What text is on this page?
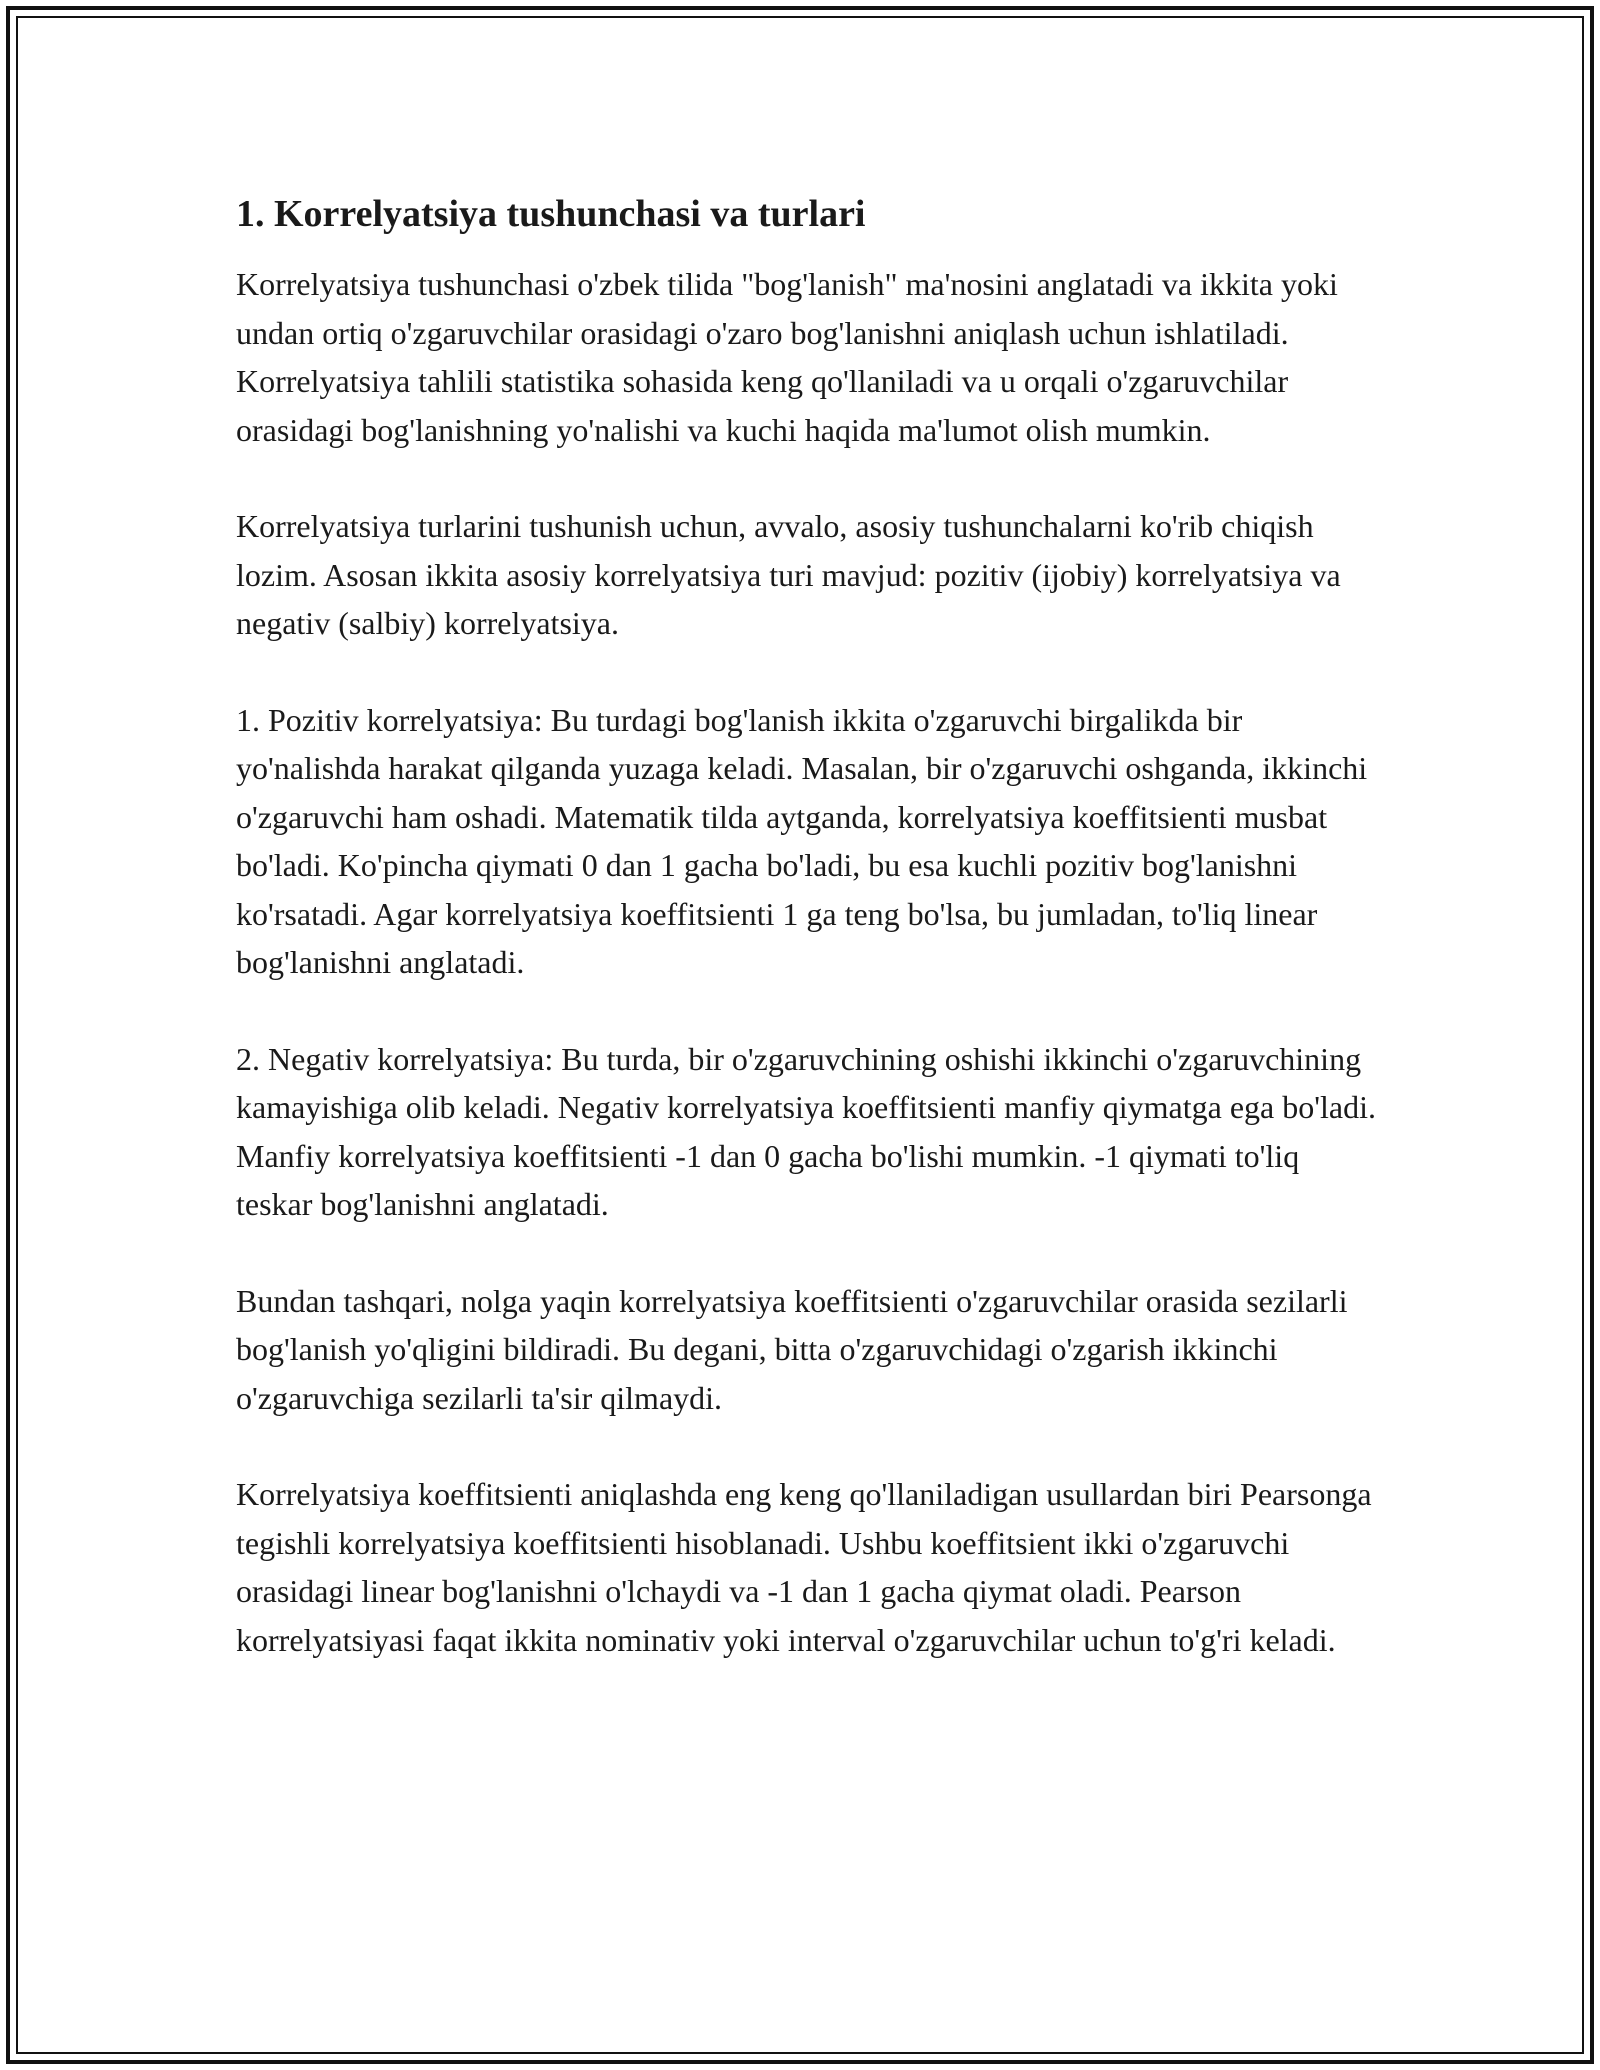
1. Korrelyatsiya tushunchasi va turlari

Korrelyatsiya tushunchasi o'zbek tilida "bog'lanish" ma'nosini anglatadi va ikkita yoki undan ortiq o'zgaruvchilar orasidagi o'zaro bog'lanishni aniqlash uchun ishlatiladi. Korrelyatsiya tahlili statistika sohasida keng qo'llaniladi va u orqali o'zgaruvchilar orasidagi bog'lanishning yo'nalishi va kuchi haqida ma'lumot olish mumkin.

Korrelyatsiya turlarini tushunish uchun, avvalo, asosiy tushunchalarni ko'rib chiqish lozim. Asosan ikkita asosiy korrelyatsiya turi mavjud: pozitiv (ijobiy) korrelyatsiya va negativ (salbiy) korrelyatsiya.

1. Pozitiv korrelyatsiya: Bu turdagi bog'lanish ikkita o'zgaruvchi birgalikda bir yo'nalishda harakat qilganda yuzaga keladi. Masalan, bir o'zgaruvchi oshganda, ikkinchi o'zgaruvchi ham oshadi. Matematik tilda aytganda, korrelyatsiya koeffitsienti musbat bo'ladi. Ko'pincha qiymati 0 dan 1 gacha bo'ladi, bu esa kuchli pozitiv bog'lanishni ko'rsatadi. Agar korrelyatsiya koeffitsienti 1 ga teng bo'lsa, bu jumladan, to'liq linear bog'lanishni anglatadi.

2. Negativ korrelyatsiya: Bu turda, bir o'zgaruvchining oshishi ikkinchi o'zgaruvchining kamayishiga olib keladi. Negativ korrelyatsiya koeffitsienti manfiy qiymatga ega bo'ladi. Manfiy korrelyatsiya koeffitsienti -1 dan 0 gacha bo'lishi mumkin. -1 qiymati to'liq teskar bog'lanishni anglatadi.

Bundan tashqari, nolga yaqin korrelyatsiya koeffitsienti o'zgaruvchilar orasida sezilarli bog'lanish yo'qligini bildiradi. Bu degani, bitta o'zgaruvchidagi o'zgarish ikkinchi o'zgaruvchiga sezilarli ta'sir qilmaydi.

Korrelyatsiya koeffitsienti aniqlashda eng keng qo'llaniladigan usullardan biri Pearsonga tegishli korrelyatsiya koeffitsienti hisoblanadi. Ushbu koeffitsient ikki o'zgaruvchi orasidagi linear bog'lanishni o'lchaydi va -1 dan 1 gacha qiymat oladi. Pearson korrelyatsiyasi faqat ikkita nominativ yoki interval o'zgaruvchilar uchun to'g'ri keladi.
